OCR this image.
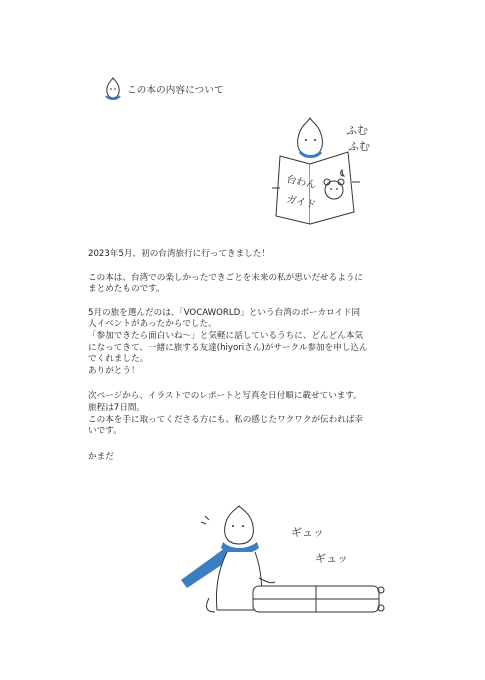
この本の内容について
台わん
ガイド
ふむ
ふむ

2023年5月、初の台湾旅行に行ってきました！

この本は、台湾での楽しかったできごとを未来の私が思いだせるように
まとめたものです。

5月の旅を選んだのは、「VOCAWORLD」という台湾のボーカロイド同
人イベントがあったからでした。
「参加できたら面白いね〜」と気軽に話しているうちに、どんどん本気
になってきて、一緒に旅する友達(hiyoriさん)がサークル参加を申し込ん
でくれました。
ありがとう！

次ページから、イラストでのレポートと写真を日付順に載せています。
旅程は7日間。
この本を手に取ってくださる方にも、私の感じたワクワクが伝われば幸
いです。

かまだ

ギュッ
ギュッ
